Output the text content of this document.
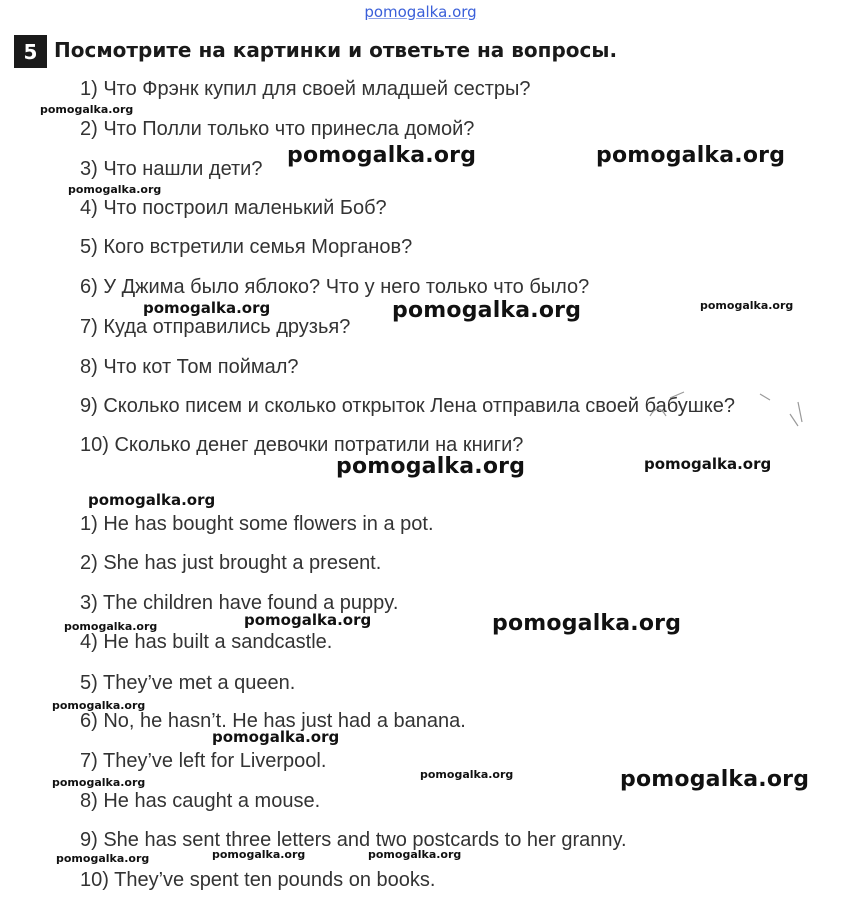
pomogalka.org
5 Посмотрите на картинки и ответьте на вопросы.
1) Что Фрэнк купил для своей младшей сестры?
2) Что Полли только что принесла домой?
3) Что нашли дети?
4) Что построил маленький Боб?
5) Кого встретили семья Морганов?
6) У Джима было яблоко? Что у него только что было?
7) Куда отправились друзья?
8) Что кот Том поймал?
9) Сколько писем и сколько открыток Лена отправила своей бабушке?
10) Сколько денег девочки потратили на книги?
1) He has bought some flowers in a pot.
2) She has just brought a present.
3) The children have found a puppy.
4) He has built a sandcastle.
5) They’ve met a queen.
6) No, he hasn’t. He has just had a banana.
7) They’ve left for Liverpool.
8) He has caught a mouse.
9) She has sent three letters and two postcards to her granny.
10) They’ve spent ten pounds on books.
pomogalka.org
pomogalka.org	pomogalka.org
pomogalka.org
pomogalka.org	pomogalka.org	pomogalka.org
pomogalka.org	pomogalka.org
pomogalka.org
pomogalka.org	pomogalka.org
pomogalka.org
pomogalka.org
pomogalka.org
pomogalka.org	pomogalka.org
pomogalka.org
pomogalka.org	pomogalka.org	pomogalka.org
